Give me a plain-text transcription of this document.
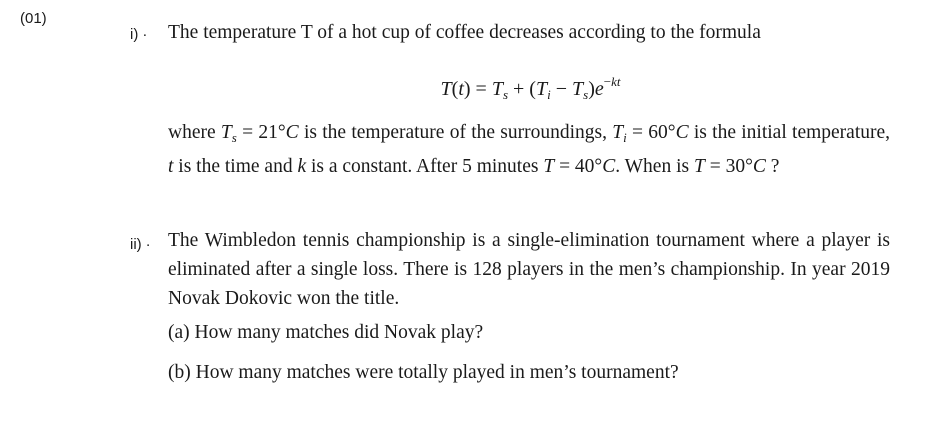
(01)
i) · The temperature T of a hot cup of coffee decreases according to the formula
$T(t) = T_s + (T_i - T_s)e^{-kt}$
where $T_s = 21^\circ C$ is the temperature of the surroundings, $T_i = 60^\circ C$ is the initial temperature, t is the time and k is a constant. After 5 minutes T = 40°C. When is T = 30°C ?
ii) · The Wimbledon tennis championship is a single-elimination tournament where a player is eliminated after a single loss. There is 128 players in the men’s championship. In year 2019 Novak Dokovic won the title.
(a) How many matches did Novak play?
(b) How many matches were totally played in men’s tournament?
